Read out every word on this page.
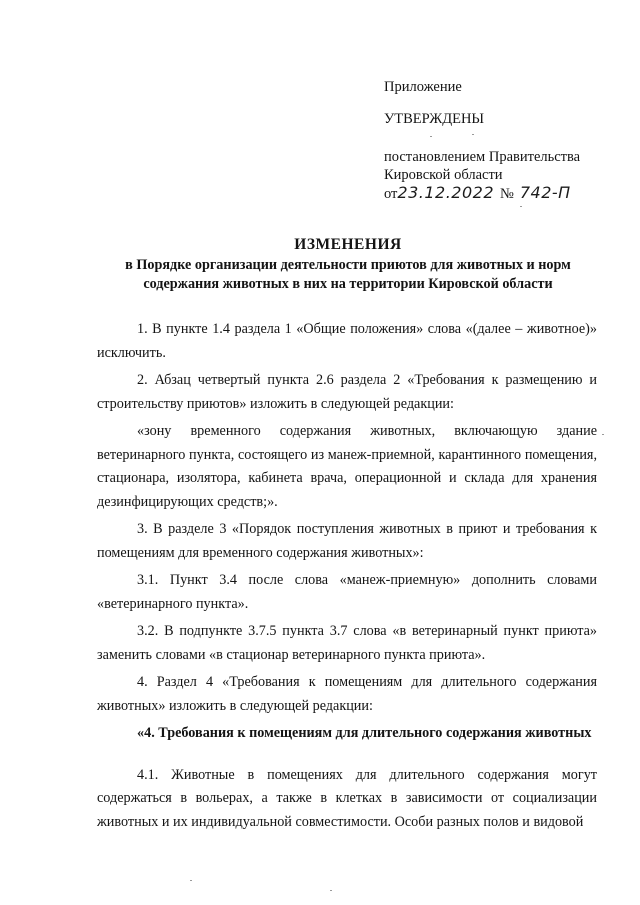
Приложение
УТВЕРЖДЕНЫ
постановлением Правительства
Кировской области
от 23.12.2022 № 742-П
ИЗМЕНЕНИЯ
в Порядке организации деятельности приютов для животных и норм содержания животных в них на территории Кировской области

1. В пункте 1.4 раздела 1 «Общие положения» слова «(далее – животное)» исключить.

2. Абзац четвертый пункта 2.6 раздела 2 «Требования к размещению и строительству приютов» изложить в следующей редакции:

«зону временного содержания животных, включающую здание ветеринарного пункта, состоящего из манеж-приемной, карантинного помещения, стационара, изолятора, кабинета врача, операционной и склада для хранения дезинфицирующих средств;».

3. В разделе 3 «Порядок поступления животных в приют и требования к помещениям для временного содержания животных»:

3.1. Пункт 3.4 после слова «манеж-приемную» дополнить словами «ветеринарного пункта».

3.2. В подпункте 3.7.5 пункта 3.7 слова «в ветеринарный пункт приюта» заменить словами «в стационар ветеринарного пункта приюта».

4. Раздел 4 «Требования к помещениям для длительного содержания животных» изложить в следующей редакции:

«4. Требования к помещениям для длительного содержания животных

4.1. Животные в помещениях для длительного содержания могут содержаться в вольерах, а также в клетках в зависимости от социализации животных и их индивидуальной совместимости. Особи разных полов и видовой
